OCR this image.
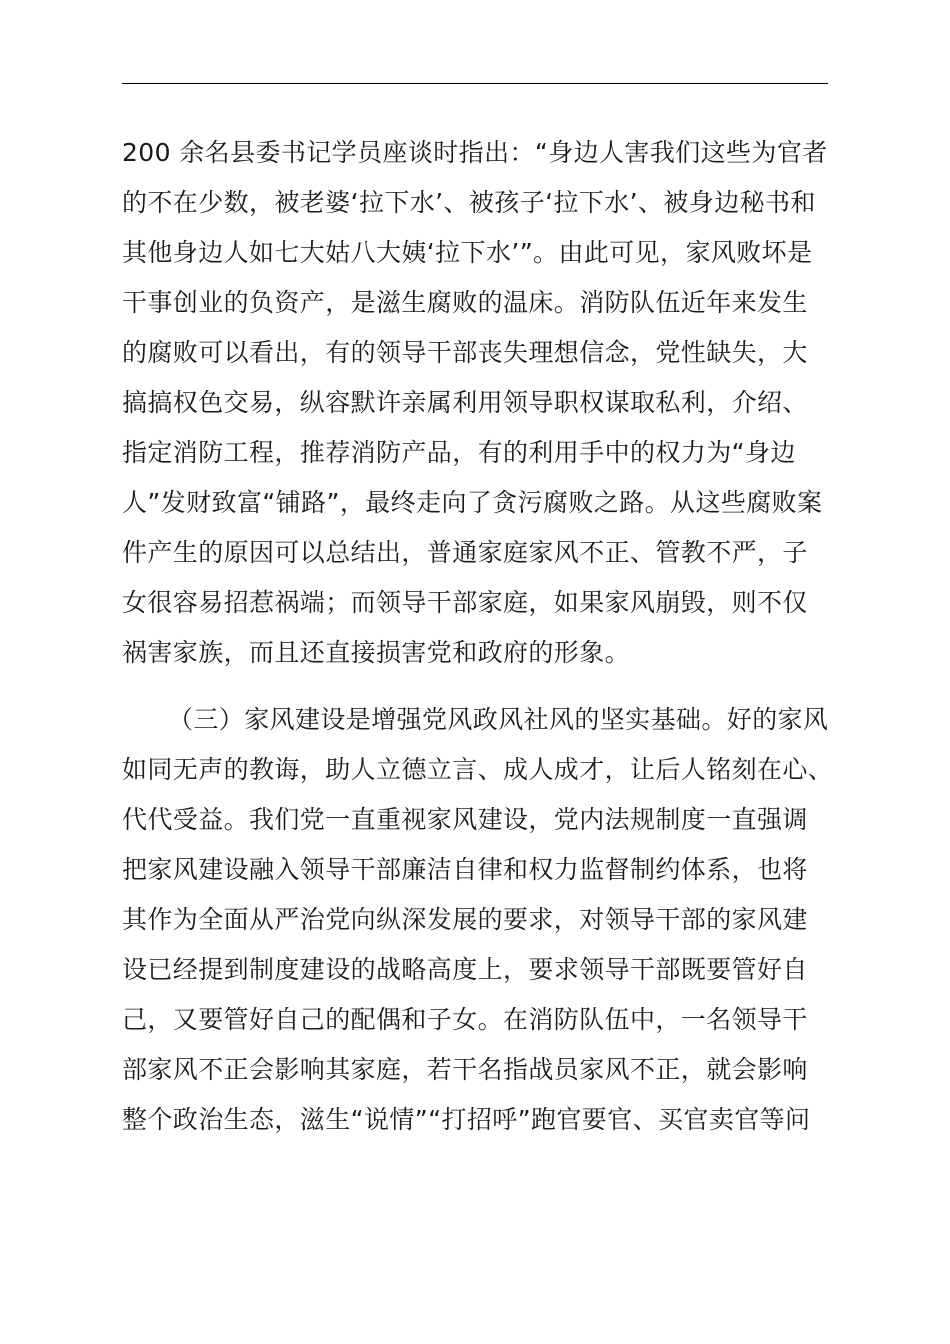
200 余名县委书记学员座谈时指出：“身边人害我们这些为官者
的不在少数，被老婆‘拉下水’、被孩子‘拉下水’、被身边秘书和
其他身边人如七大姑八大姨‘拉下水’”。由此可见，家风败坏是
干事创业的负资产，是滋生腐败的温床。消防队伍近年来发生
的腐败可以看出，有的领导干部丧失理想信念，党性缺失，大
搞搞权色交易，纵容默许亲属利用领导职权谋取私利，介绍、
指定消防工程，推荐消防产品，有的利用手中的权力为“身边
人”发财致富“铺路”，最终走向了贪污腐败之路。从这些腐败案
件产生的原因可以总结出，普通家庭家风不正、管教不严，子
女很容易招惹祸端；而领导干部家庭，如果家风崩毁，则不仅
祸害家族，而且还直接损害党和政府的形象。
（三）家风建设是增强党风政风社风的坚实基础。好的家风
如同无声的教诲，助人立德立言、成人成才，让后人铭刻在心、
代代受益。我们党一直重视家风建设，党内法规制度一直强调
把家风建设融入领导干部廉洁自律和权力监督制约体系，也将
其作为全面从严治党向纵深发展的要求，对领导干部的家风建
设已经提到制度建设的战略高度上，要求领导干部既要管好自
己，又要管好自己的配偶和子女。在消防队伍中，一名领导干
部家风不正会影响其家庭，若干名指战员家风不正，就会影响
整个政治生态，滋生“说情”“打招呼”跑官要官、买官卖官等问
